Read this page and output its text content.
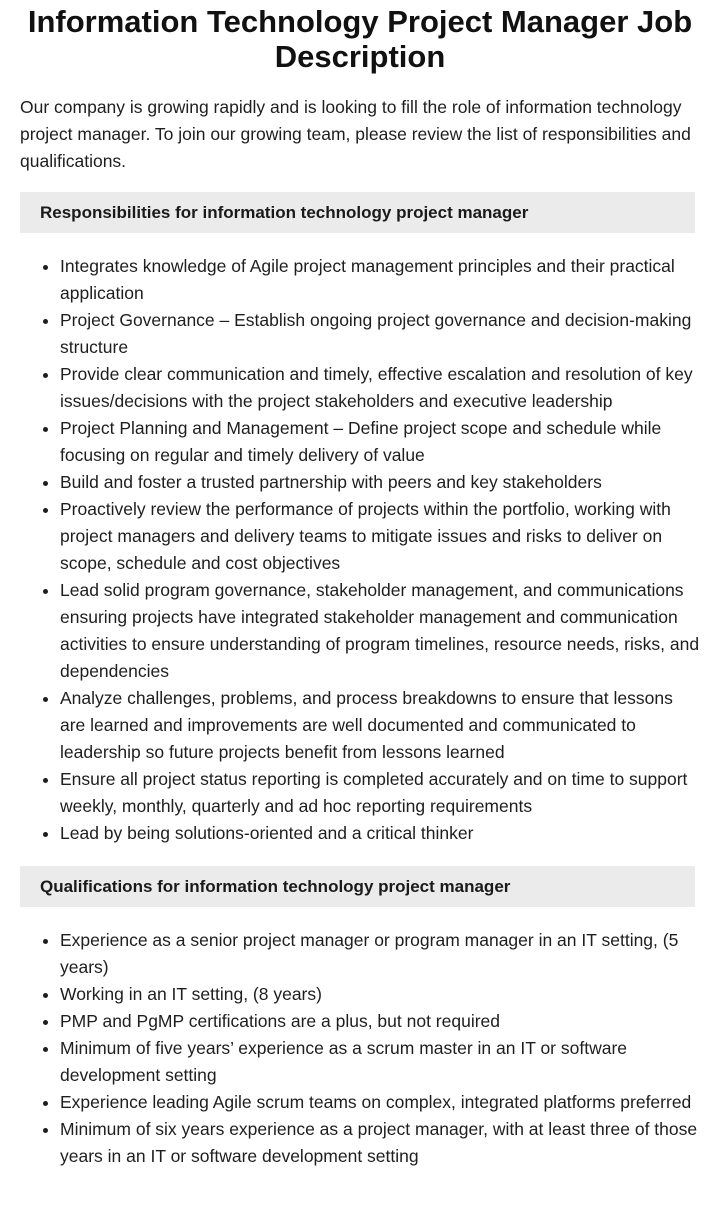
Information Technology Project Manager Job Description

Our company is growing rapidly and is looking to fill the role of information technology project manager. To join our growing team, please review the list of responsibilities and qualifications.

Responsibilities for information technology project manager
• Integrates knowledge of Agile project management principles and their practical application
• Project Governance – Establish ongoing project governance and decision-making structure
• Provide clear communication and timely, effective escalation and resolution of key issues/decisions with the project stakeholders and executive leadership
• Project Planning and Management – Define project scope and schedule while focusing on regular and timely delivery of value
• Build and foster a trusted partnership with peers and key stakeholders
• Proactively review the performance of projects within the portfolio, working with project managers and delivery teams to mitigate issues and risks to deliver on scope, schedule and cost objectives
• Lead solid program governance, stakeholder management, and communications ensuring projects have integrated stakeholder management and communication activities to ensure understanding of program timelines, resource needs, risks, and dependencies
• Analyze challenges, problems, and process breakdowns to ensure that lessons are learned and improvements are well documented and communicated to leadership so future projects benefit from lessons learned
• Ensure all project status reporting is completed accurately and on time to support weekly, monthly, quarterly and ad hoc reporting requirements
• Lead by being solutions-oriented and a critical thinker
Qualifications for information technology project manager
• Experience as a senior project manager or program manager in an IT setting, (5 years)
• Working in an IT setting, (8 years)
• PMP and PgMP certifications are a plus, but not required
• Minimum of five years’ experience as a scrum master in an IT or software development setting
• Experience leading Agile scrum teams on complex, integrated platforms preferred
• Minimum of six years experience as a project manager, with at least three of those years in an IT or software development setting
